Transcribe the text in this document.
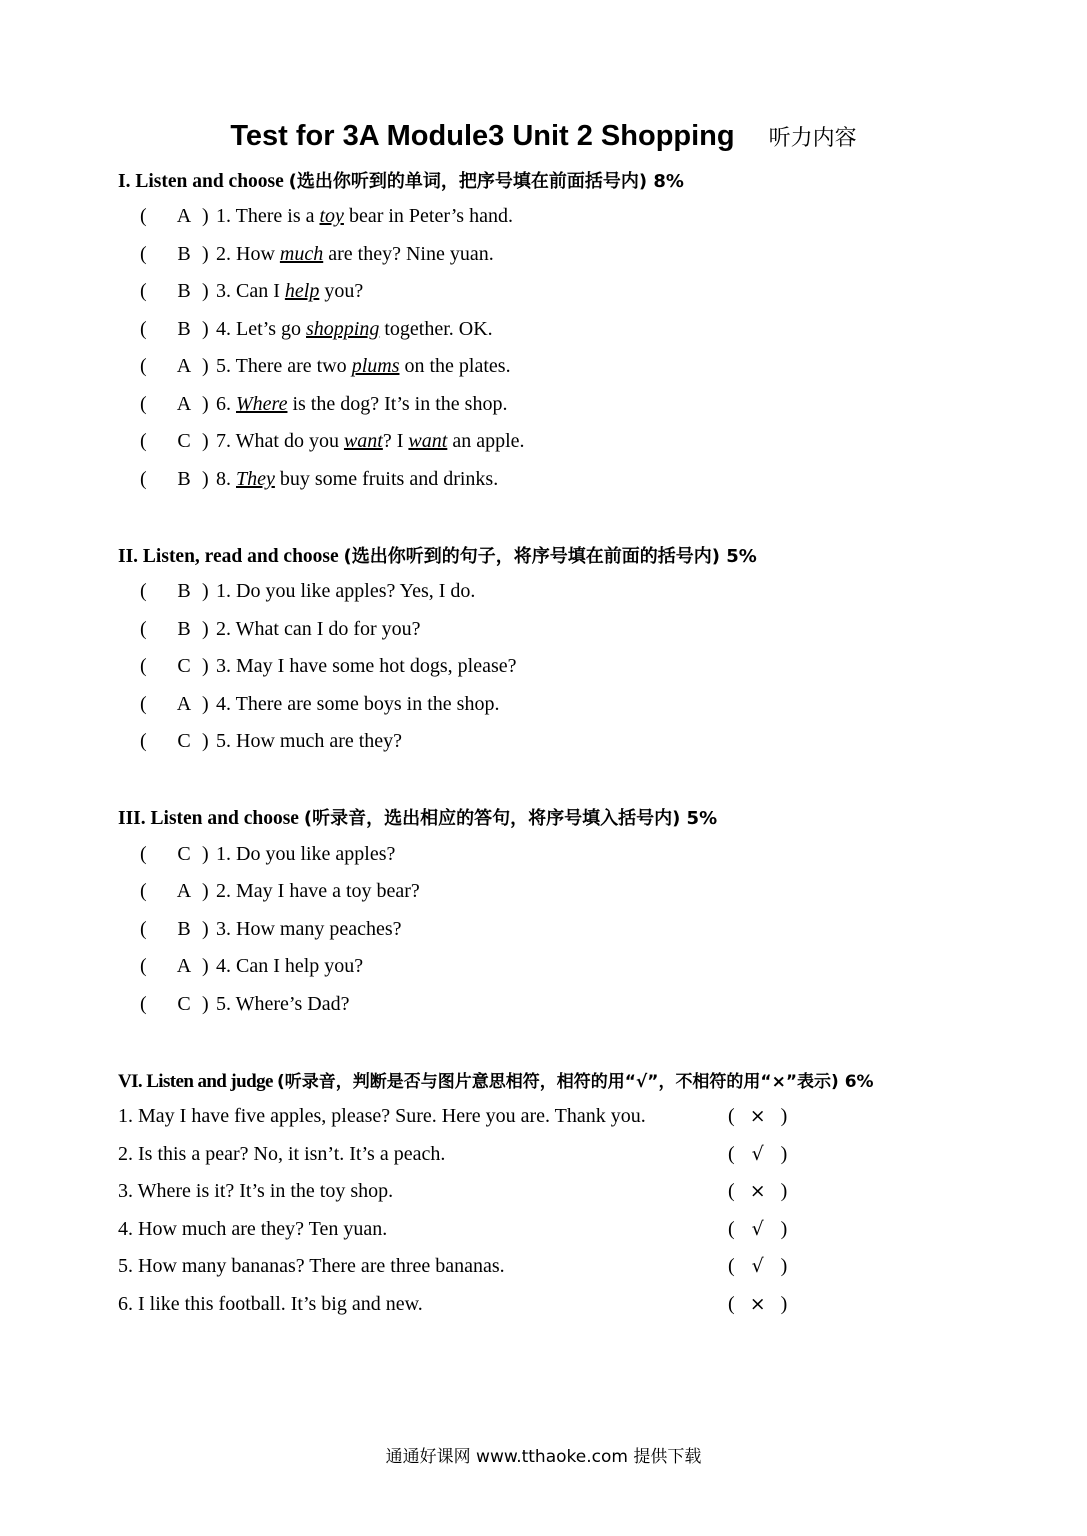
Test for 3A Module3 Unit 2 Shopping 听力内容
I. Listen and choose (选出你听到的单词，把序号填在前面括号内) 8%
( A ) 1. There is a toy bear in Peter’s hand.
( B ) 2. How much are they? Nine yuan.
( B ) 3. Can I help you?
( B ) 4. Let’s go shopping together. OK.
( A ) 5. There are two plums on the plates.
( A ) 6. Where is the dog? It’s in the shop.
( C ) 7. What do you want? I want an apple.
( B ) 8. They buy some fruits and drinks.
II. Listen, read and choose (选出你听到的句子，将序号填在前面的括号内) 5%
( B ) 1. Do you like apples? Yes, I do.
( B ) 2. What can I do for you?
( C ) 3. May I have some hot dogs, please?
( A ) 4. There are some boys in the shop.
( C ) 5. How much are they?
III. Listen and choose (听录音，选出相应的答句，将序号填入括号内) 5%
( C ) 1. Do you like apples?
( A ) 2. May I have a toy bear?
( B ) 3. How many peaches?
( A ) 4. Can I help you?
( C ) 5. Where’s Dad?
VI. Listen and judge (听录音，判断是否与图片意思相符，相符的用“√”，不相符的用“×”表示) 6%
1. May I have five apples, please? Sure. Here you are. Thank you.	( × )
2. Is this a pear? No, it isn’t. It’s a peach.	( √ )
3. Where is it? It’s in the toy shop.	( × )
4. How much are they? Ten yuan.	( √ )
5. How many bananas? There are three bananas.	( √ )
6. I like this football. It’s big and new.	( × )
通通好课网 www.tthaoke.com 提供下载
